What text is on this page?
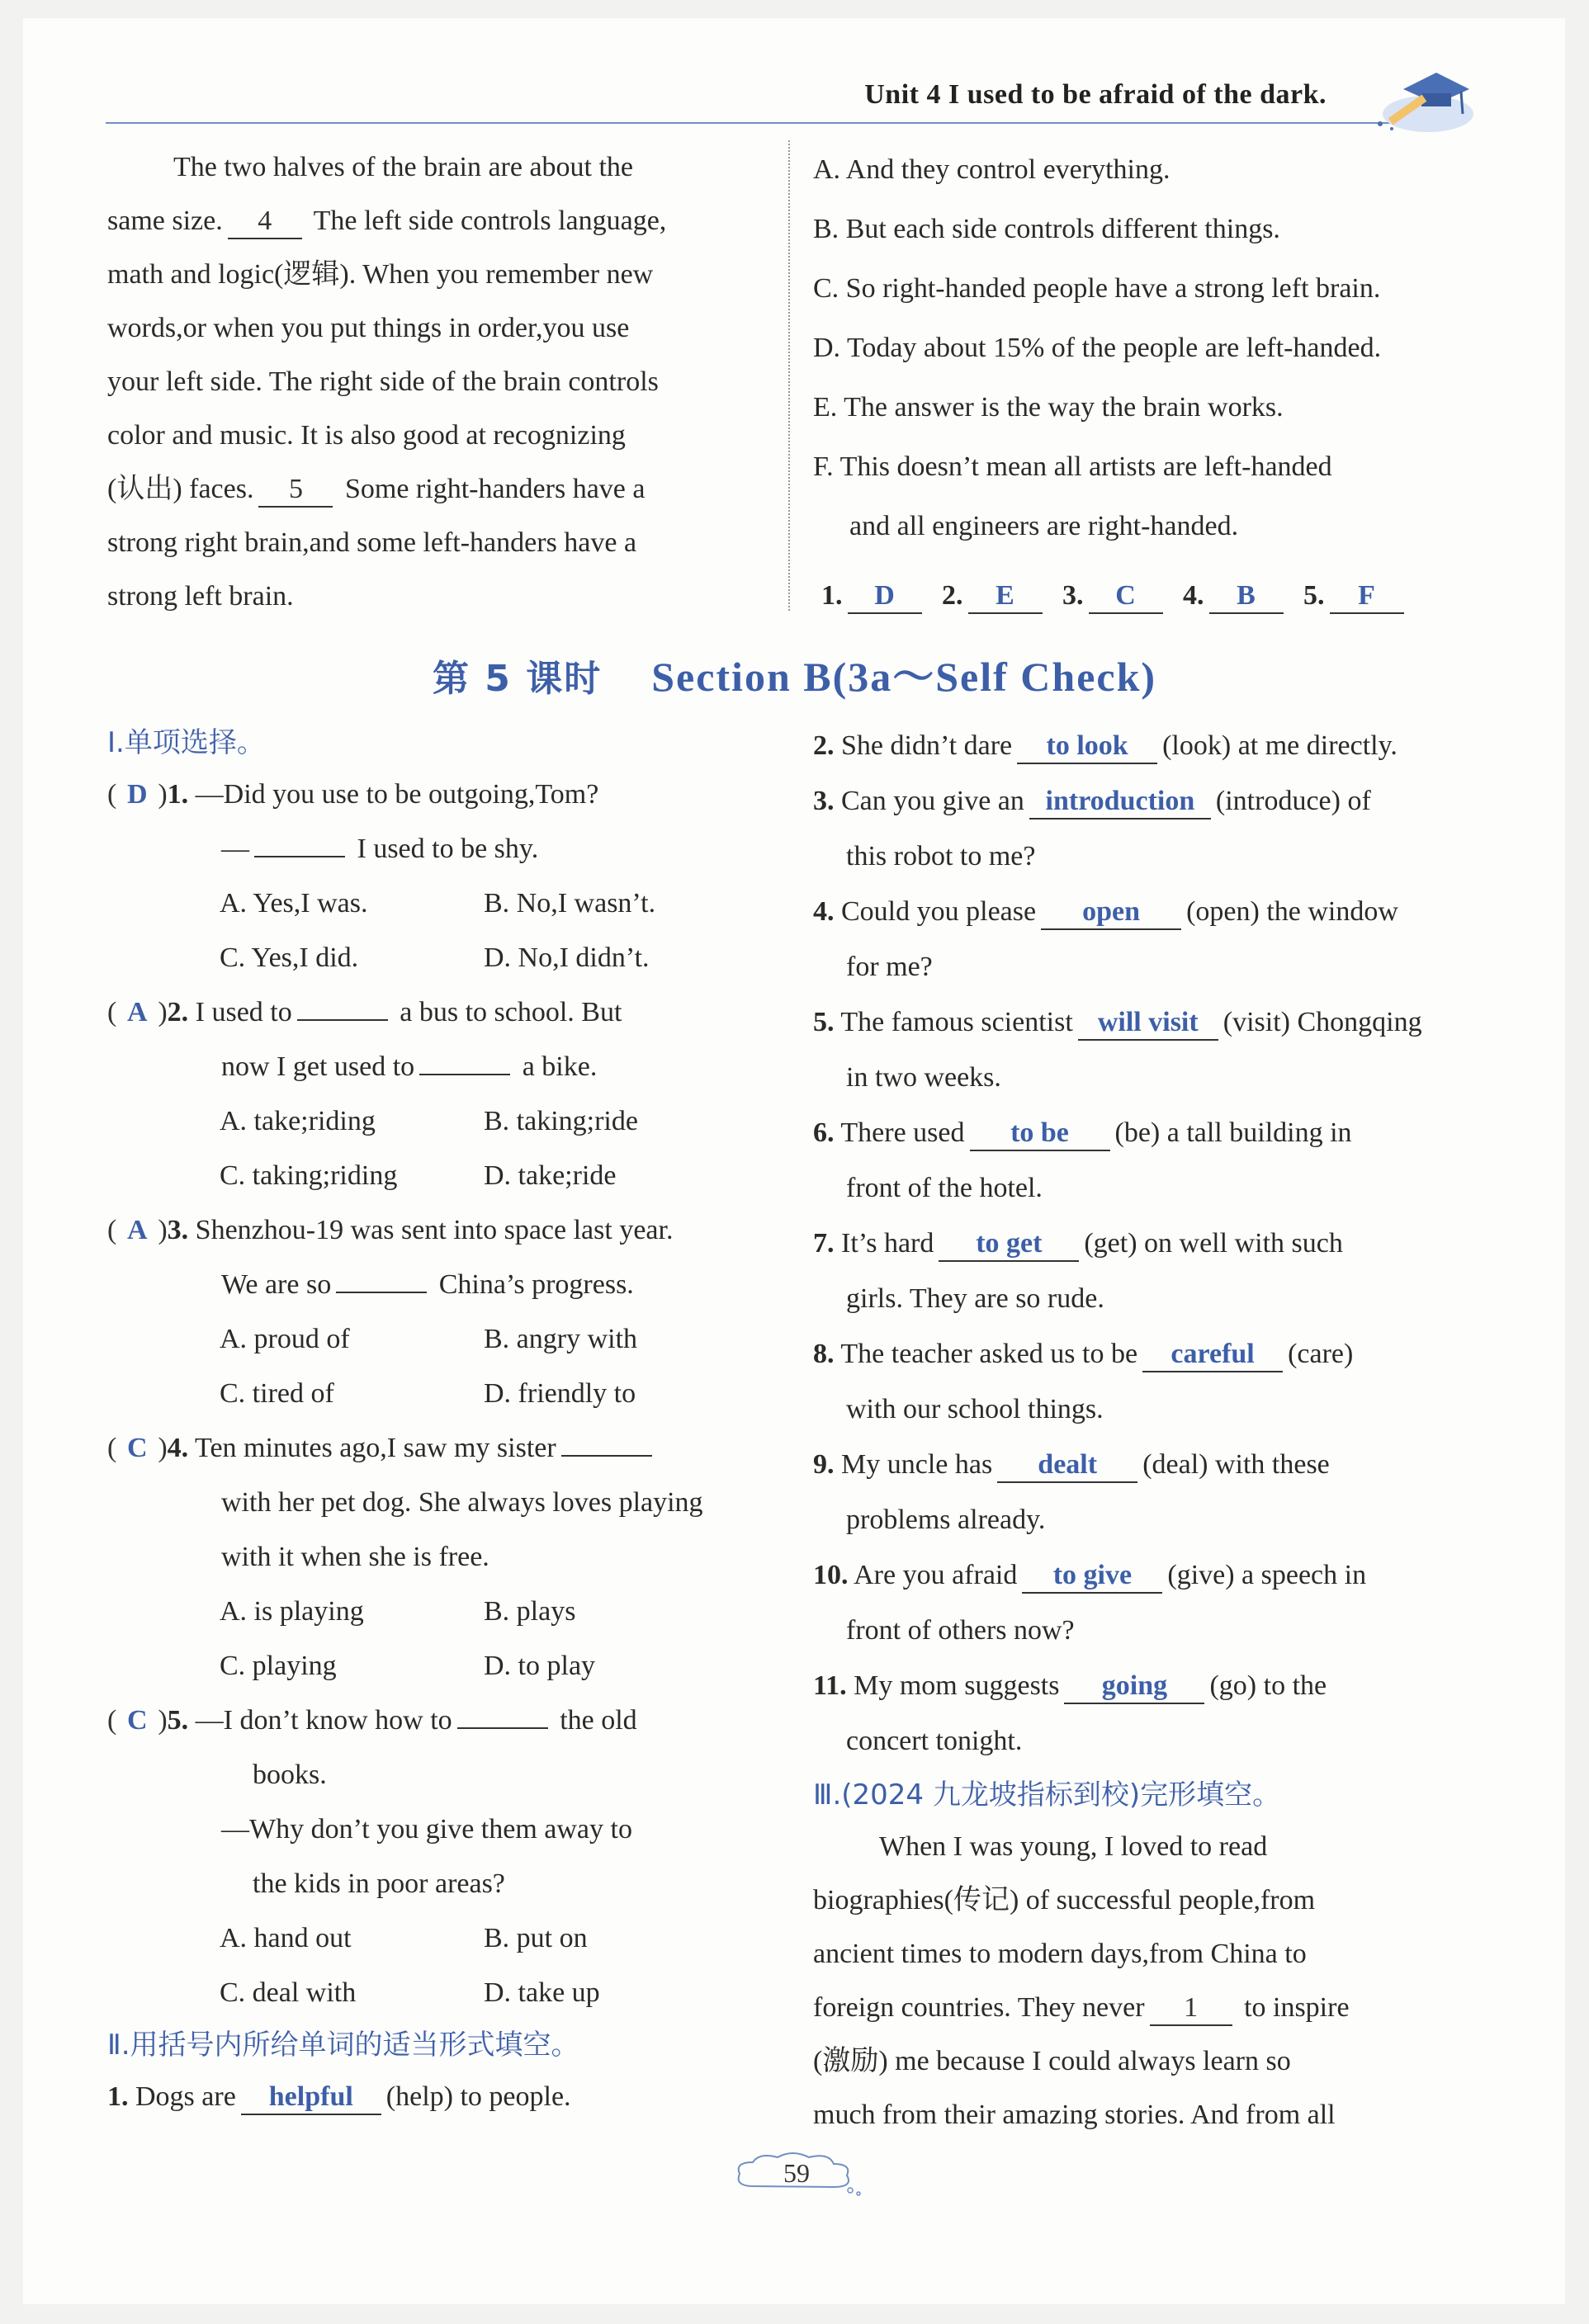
Unit 4 I used to be afraid of the dark.

The two halves of the brain are about the
same size. 4 The left side controls language,
math and logic(逻辑). When you remember new
words,or when you put things in order,you use
your left side. The right side of the brain controls
color and music. It is also good at recognizing
(认出) faces. 5 Some right-handers have a
strong right brain,and some left-handers have a
strong left brain.

A. And they control everything.

B. But each side controls different things.

C. So right-handed people have a strong left brain.

D. Today about 15% of the people are left-handed.

E. The answer is the way the brain works.

F. This doesn’t mean all artists are left-handed

and all engineers are right-handed.

1. D 2. E 3. C 4. B 5. F
第 5 课时 Section B(3a～Self Check)

Ⅰ.单项选择。

( D )1. —Did you use to be outgoing,Tom?

—	I used to be shy.

A. Yes,I was.	B. No,I wasn’t.
C. Yes,I did.	D. No,I didn’t.

( A )2. I used to	a bus to school. But

now I get used to	a bike.

A. take;riding	B. taking;ride
C. taking;riding	D. take;ride

( A )3. Shenzhou-19 was sent into space last year.

We are so	China’s progress.

A. proud of	B. angry with
C. tired of	D. friendly to

( C )4. Ten minutes ago,I saw my sister

with her pet dog. She always loves playing

with it when she is free.

A. is playing	B. plays
C. playing	D. to play

( C )5. —I don’t know how to	the old

books.

—Why don’t you give them away to

the kids in poor areas?

A. hand out	B. put on
C. deal with	D. take up

Ⅱ.用括号内所给单词的适当形式填空。

1. Dogs are helpful (help) to people.

2. She didn’t dare to look (look) at me directly.

3. Can you give an introduction (introduce) of

this robot to me?

4. Could you please open (open) the window

for me?

5. The famous scientist will visit (visit) Chongqing

in two weeks.

6. There used to be (be) a tall building in

front of the hotel.

7. It’s hard to get (get) on well with such

girls. They are so rude.

8. The teacher asked us to be careful (care)

with our school things.

9. My uncle has dealt (deal) with these

problems already.

10. Are you afraid to give (give) a speech in

front of others now?

11. My mom suggests going (go) to the

concert tonight.

Ⅲ.(2024 九龙坡指标到校)完形填空。

When I was young, I loved to read
biographies(传记) of successful people,from
ancient times to modern days,from China to
foreign countries. They never 1 to inspire
(激励) me because I could always learn so
much from their amazing stories. And from all

59
